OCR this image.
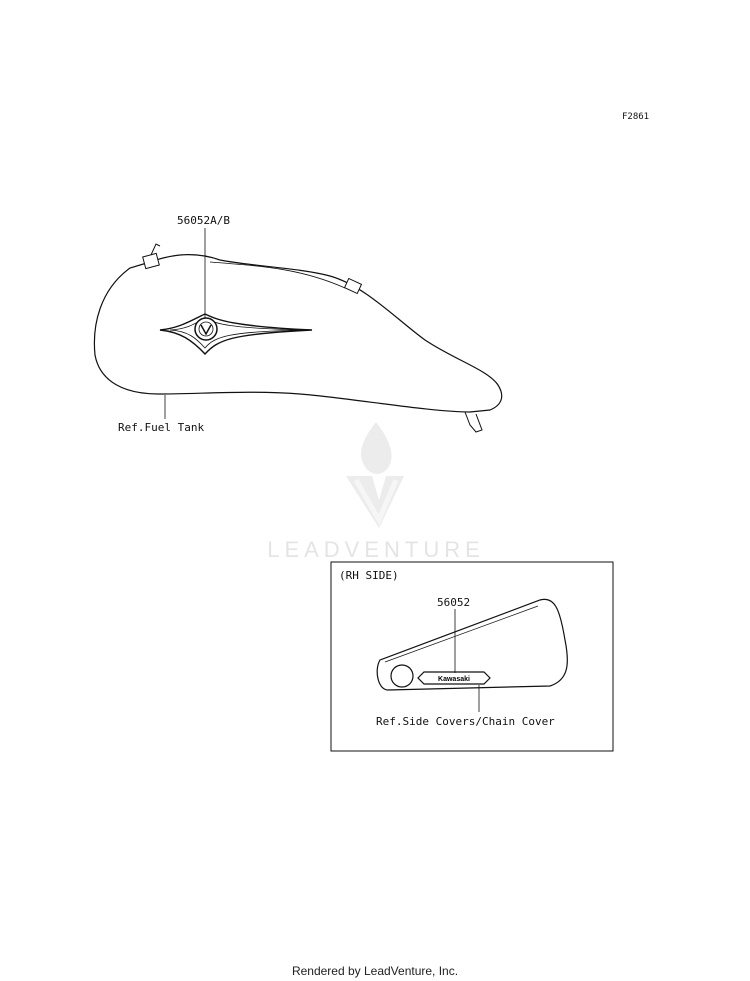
LEADVENTURE
Kawasaki
F2861
56052A/B
Ref.Fuel Tank
(RH SIDE)
56052
Ref.Side Covers/Chain Cover
Rendered by LeadVenture, Inc.
